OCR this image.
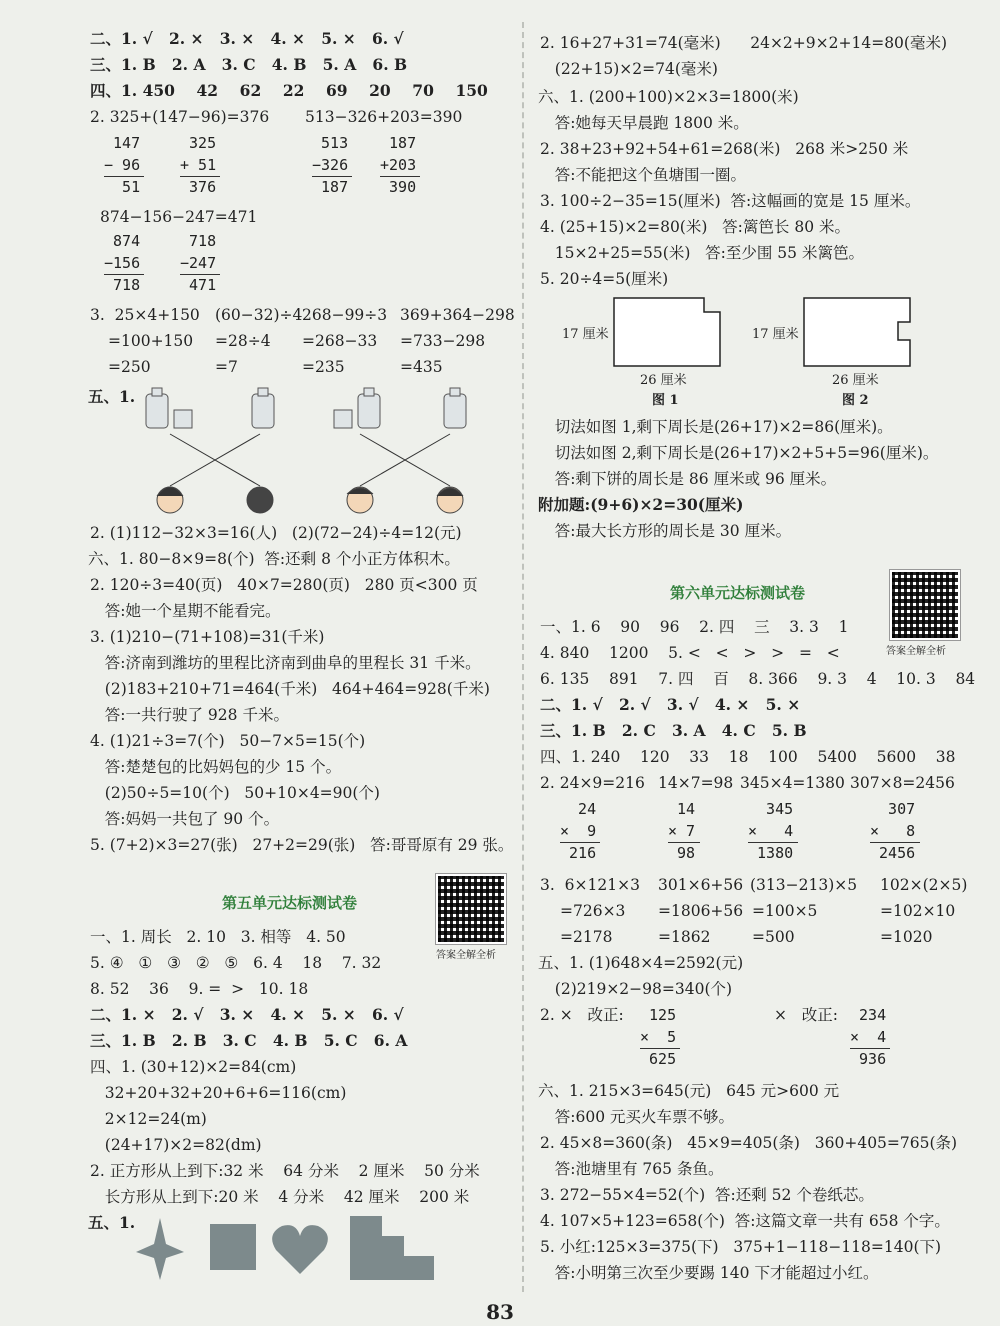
二、1. √   2. ×   3. ×   4. ×   5. ×   6. √
三、1. B   2. A   3. C   4. B   5. A   6. B
四、1. 450    42    62    22    69    20    70    150
2. 325+(147−96)=376 513−326+203=390
147
− 96
51
325
+ 51
376
513
−326
187
187
+203
390
874−156−247=471
874
−156
718
718
−247
471
3.  25×4+150 (60−32)÷4 268−99÷3 369+364−298
=100+150 =28÷4 =268−33 =733−298
=250	=7	=235	=435
五、1.
2. (1)112−32×3=16(人)   (2)(72−24)÷4=12(元)
六、1. 80−8×9=8(个)  答:还剩 8 个小正方体积木。
2. 120÷3=40(页)   40×7=280(页)   280 页<300 页
答:她一个星期不能看完。
3. (1)210−(71+108)=31(千米)
答:济南到潍坊的里程比济南到曲阜的里程长 31 千米。
(2)183+210+71=464(千米)   464+464=928(千米)
答:一共行驶了 928 千米。
4. (1)21÷3=7(个)   50−7×5=15(个)
答:楚楚包的比妈妈包的少 15 个。
(2)50÷5=10(个)   50+10×4=90(个)
答:妈妈一共包了 90 个。
5. (7+2)×3=27(张)   27+2=29(张)   答:哥哥原有 29 张。
第五单元达标测试卷
答案全解全析
一、1. 周长   2. 10   3. 相等   4. 50
5. ④   ①   ③   ②   ⑤   6. 4    18    7. 32
8. 52    36    9. =  >   10. 18
二、1. ×   2. √   3. ×   4. ×   5. ×   6. √
三、1. B   2. B   3. C   4. B   5. C   6. A
四、1. (30+12)×2=84(cm)
32+20+32+20+6+6=116(cm)
2×12=24(m)
(24+17)×2=82(dm)
2. 正方形从上到下:32 米    64 分米    2 厘米    50 分米
长方形从上到下:20 米    4 分米    42 厘米    200 米
五、1.
2. 16+27+31=74(毫米)      24×2+9×2+14=80(毫米)
(22+15)×2=74(毫米)
六、1. (200+100)×2×3=1800(米)
答:她每天早晨跑 1800 米。
2. 38+23+92+54+61=268(米)   268 米>250 米
答:不能把这个鱼塘围一圈。
3. 100÷2−35=15(厘米)  答:这幅画的宽是 15 厘米。
4. (25+15)×2=80(米)   答:篱笆长 80 米。
15×2+25=55(米)   答:至少围 55 米篱笆。
5. 20÷4=5(厘米)
17 厘米
26 厘米
图 1
17 厘米
26 厘米
图 2
切法如图 1,剩下周长是(26+17)×2=86(厘米)。
切法如图 2,剩下周长是(26+17)×2+5+5=96(厘米)。
答:剩下饼的周长是 86 厘米或 96 厘米。
附加题:(9+6)×2=30(厘米)
答:最大长方形的周长是 30 厘米。
第六单元达标测试卷
答案全解全析
一、1. 6    90    96    2. 四    三    3. 3    1
4. 840    1200    5. <   <   >   >   =   <
6. 135    891    7. 四    百    8. 366    9. 3    4    10. 3    84
二、1. √   2. √   3. √   4. ×   5. ×
三、1. B   2. C   3. A   4. C   5. B
四、1. 240    120    33    18    100    5400    5600    38
2. 24×9=216 14×7=98 345×4=1380 307×8=2456
24
×  9
216
14
× 7
98
345
×   4
1380
307
×   8
2456
3.  6×121×3 301×6+56 (313−213)×5 102×(2×5)
=726×3 =1806+56 =100×5	=102×10
=2178	=1862	=500	=1020
五、1. (1)648×4=2592(元)
(2)219×2−98=340(个)
2. ×   改正:	×   改正:
125
×  5
625
234
×  4
936
六、1. 215×3=645(元)   645 元>600 元
答:600 元买火车票不够。
2. 45×8=360(条)   45×9=405(条)   360+405=765(条)
答:池塘里有 765 条鱼。
3. 272−55×4=52(个)  答:还剩 52 个卷纸芯。
4. 107×5+123=658(个)  答:这篇文章一共有 658 个字。
5. 小红:125×3=375(下)   375+1−118−118=140(下)
答:小明第三次至少要踢 140 下才能超过小红。
83
